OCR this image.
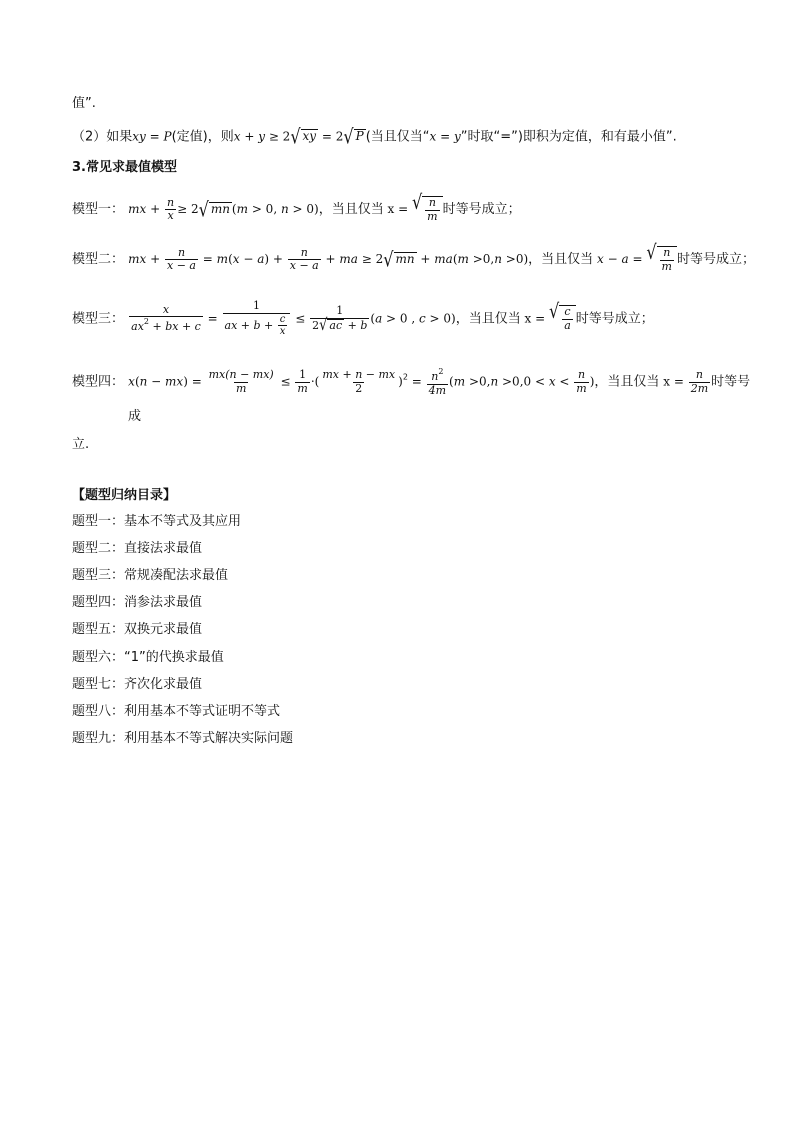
值”.
（2）如果xy = P(定值)，则x + y ≥ 2 √ xy = 2 √ P (当且仅当“x = y”时取“=”)即积为定值，和有最小值”.
3.常见求最值模型
模型一： mx + $\frac{n}{x} \ge 2$ √ mn (m > 0, n > 0)，当且仅当 x = √ $\frac{n}{m}$ 时等号成立；
模型二： mx + $\frac{n}{x - a} = m(x - a) + \frac{n}{x - a}$ + ma ≥ 2 √ mn + ma(m >0,n >0)，当且仅当 x − a = √ $\frac{n}{m}$ 时等号成立；
模型三： $\frac{x}{ax^2 + bx + c} = \frac{1}{ax + b + \frac{c}{x}} \le \frac{1}{2 √ ac + b} (a > 0$ , c > 0)，当且仅当 x = √ $\frac{c}{a}$ 时等号成立；
模型四： $x(n - mx) = \frac{mx(n - mx)}{m} \le \frac{1}{m}$ ·( $\frac{mx + n - mx}{2} )^2 = \frac{n^2}{4m} (m >0,n >0,0 < x < \frac{n}{m}$ )，当且仅当 $x = \frac{n}{2m}$ 时等号
成
立.
【题型归纳目录】
题型一：基本不等式及其应用
题型二：直接法求最值
题型三：常规凑配法求最值
题型四：消参法求最值
题型五：双换元求最值
题型六：“1”的代换求最值
题型七：齐次化求最值
题型八：利用基本不等式证明不等式
题型九：利用基本不等式解决实际问题
